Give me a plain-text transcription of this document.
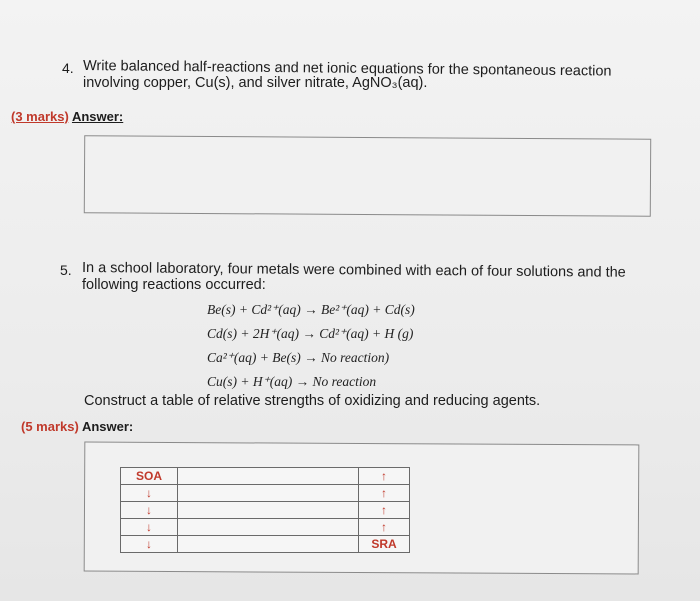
4. Write balanced half-reactions and net ionic equations for the spontaneous reaction
involving copper, Cu(s), and silver nitrate, AgNO₃(aq).
(3 marks) Answer:
5. In a school laboratory, four metals were combined with each of four solutions and the
following reactions occurred:
Be(s) + Cd²⁺(aq) → Be²⁺(aq) + Cd(s)
Cd(s) + 2H⁺(aq) → Cd²⁺(aq) + H (g)
Ca²⁺(aq) + Be(s) → No reaction)
Cu(s) + H⁺(aq) → No reaction
Construct a table of relative strengths of oxidizing and reducing agents.
(5 marks) Answer:
SOA		↑
↓		↑
↓		↑
↓		↑
↓		SRA
